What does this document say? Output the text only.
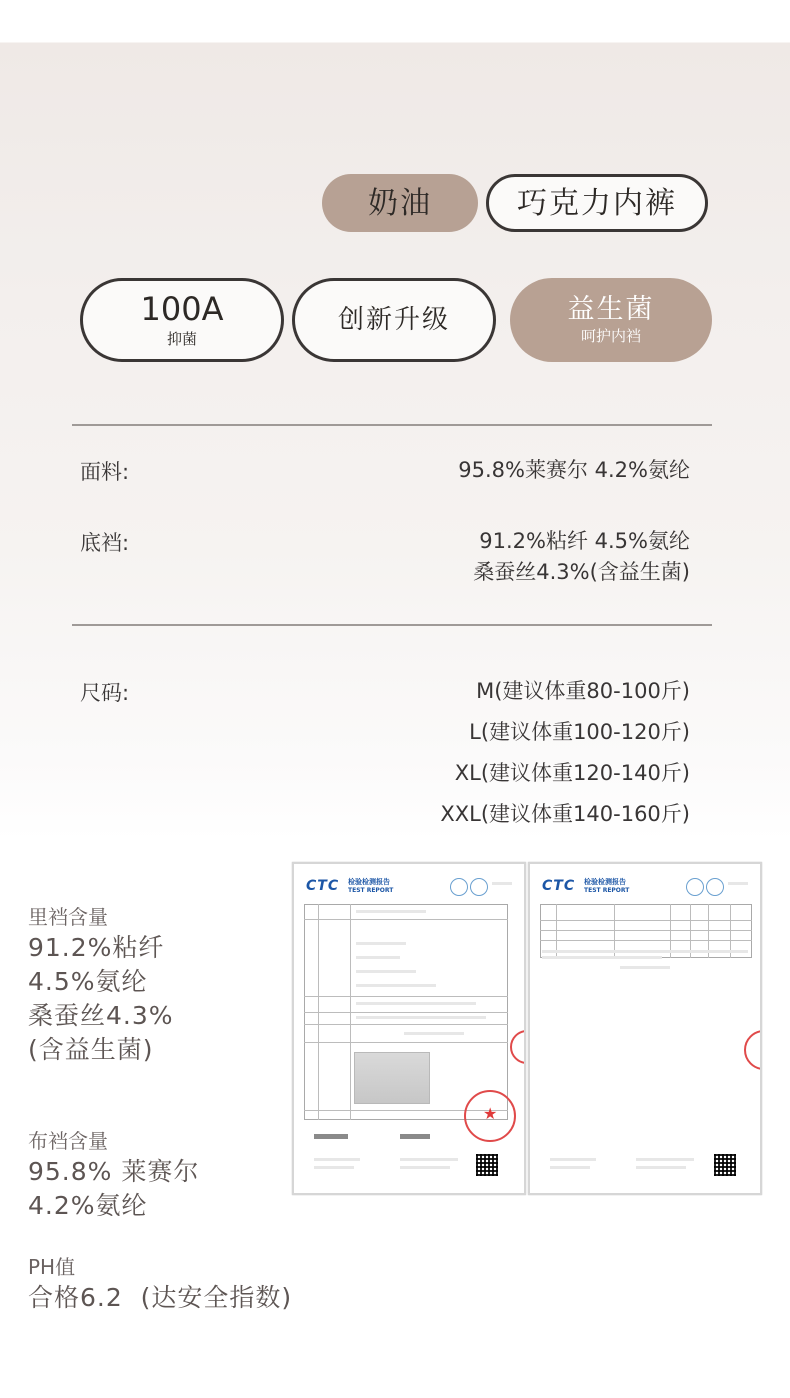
奶油	巧克力内裤
100A
抑菌
创新升级	益生菌
呵护内裆
面料:	95.8%莱赛尔 4.2%氨纶
底裆:	91.2%粘纤 4.5%氨纶
桑蚕丝4.3%(含益生菌)
尺码:	M(建议体重80-100斤)
L(建议体重100-120斤)
XL(建议体重120-140斤)
XXL(建议体重140-160斤)
里裆含量
91.2%粘纤
4.5%氨纶
桑蚕丝4.3%
(含益生菌)
布裆含量
95.8% 莱赛尔
4.2%氨纶
PH值
合格6.2  (达安全指数)
CTC 检验检测报告
TEST REPORT
★
CTC 检验检测报告
TEST REPORT
